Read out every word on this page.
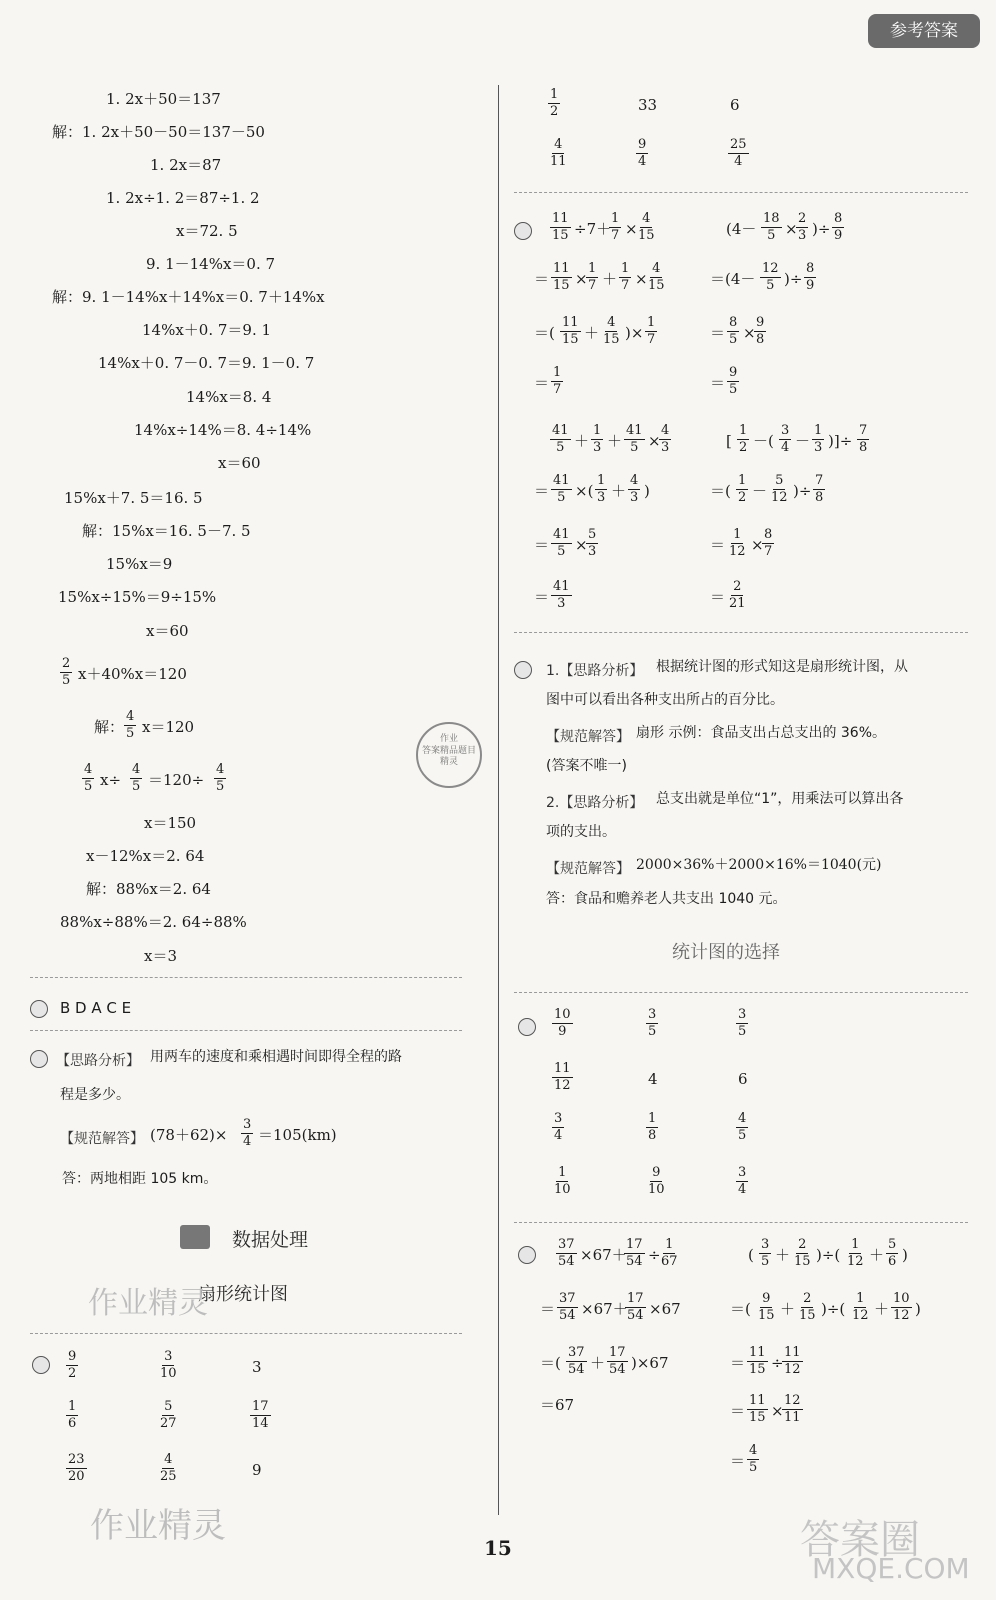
参考答案
1. 2x＋50＝137
解：1. 2x＋50－50＝137－50
1. 2x＝87
1. 2x÷1. 2＝87÷1. 2
x＝72. 5
9. 1－14%x＝0. 7
解：9. 1－14%x＋14%x＝0. 7＋14%x
14%x＋0. 7＝9. 1
14%x＋0. 7－0. 7＝9. 1－0. 7
14%x＝8. 4
14%x÷14%＝8. 4÷14%
x＝60
15%x＋7. 5＝16. 5
解：15%x＝16. 5－7. 5
15%x＝9
15%x÷15%＝9÷15%
x＝60
$\frac{2}{5} x+40\%x=120$
解： $\frac{4}{5} x=120$
$\frac{4}{5} x\div \frac{4}{5} =120\div \frac{4}{5}$
x＝150
x－12%x＝2. 64
解：88%x＝2. 64
88%x÷88%＝2. 64÷88%
x＝3
B D A C E
【思路分析】 用两车的速度和乘相遇时间即得全程的路
程是多少。
【规范解答】 $(78+62)\times \frac{3}{4} =105(km)$
答：两地相距 105 km。
数据处理
扇形统计图
作业精灵
$\frac{9}{2}$	$\frac{3}{10}$	3
$\frac{1}{6}$	$\frac{5}{27}$	$\frac{17}{14}$
$\frac{23}{20}$	$\frac{4}{25}$	9
作业
答案精品题目
精灵
作业精灵
$\frac{1}{2}$	33	6
$\frac{4}{11}$	$\frac{9}{4}$	$\frac{25}{4}$
$\frac{11}{15} \div 7+$
$\frac{1}{7}$ ×
$\frac{4}{15}$
＝ $\frac{11}{15}$ ×
$\frac{1}{7} + \frac{1}{7}$ ×
$\frac{4}{15}$
＝( $\frac{11}{15} + \frac{4}{15}$ )× $\frac{1}{7}$
＝ $\frac{1}{7}$
($4- \frac{18}{5}$ ×
$\frac{2}{3}$ )÷ $\frac{8}{9}$
$=(4- \frac{12}{5}$ )÷ $\frac{8}{9}$
＝ $\frac{8}{5}$ ×
$\frac{9}{8}$
＝ $\frac{9}{5}$
$\frac{41}{5} + \frac{1}{3} + \frac{41}{5}$ ×
$\frac{4}{3}$
＝ $\frac{41}{5}$ ×( $\frac{1}{3} + \frac{4}{3}$ )
＝ $\frac{41}{5}$ ×
$\frac{5}{3}$
＝ $\frac{41}{3}$
[ $\frac{1}{2}$ －( $\frac{3}{4} - \frac{1}{3}$ )]÷ $\frac{7}{8}$
＝( $\frac{1}{2} - \frac{5}{12}$ )÷ $\frac{7}{8}$
＝ $\frac{1}{12}$ ×
$\frac{8}{7}$
＝ $\frac{2}{21}$
1.【思路分析】 根据统计图的形式知这是扇形统计图，从
图中可以看出各种支出所占的百分比。
【规范解答】 扇形 示例：食品支出占总支出的 36%。
(答案不唯一)
2.【思路分析】 总支出就是单位“1”，用乘法可以算出各
项的支出。
【规范解答】 2000×36%＋2000×16%＝1040(元)
答：食品和赡养老人共支出 1040 元。
统计图的选择
$\frac{10}{9}$	$\frac{3}{5}$	$\frac{3}{5}$
$\frac{11}{12}$	4	6
$\frac{3}{4}$	$\frac{1}{8}$	$\frac{4}{5}$
$\frac{1}{10}$	$\frac{9}{10}$	$\frac{3}{4}$
$\frac{37}{54} \times 67+$
$\frac{17}{54}$ ÷
$\frac{1}{67}$
＝ $\frac{37}{54} \times 67+$
$\frac{17}{54} \times 67$
＝( $\frac{37}{54} + \frac{17}{54} )\times 67$
＝67
( $\frac{3}{5} + \frac{2}{15}$ )÷( $\frac{1}{12} + \frac{5}{6}$ )
＝( $\frac{9}{15} + \frac{2}{15}$ )÷( $\frac{1}{12} + \frac{10}{12}$ )
＝ $\frac{11}{15}$ ÷
$\frac{11}{12}$
＝ $\frac{11}{15}$ ×
$\frac{12}{11}$
＝ $\frac{4}{5}$
答案圈
MXQE.COM
15
